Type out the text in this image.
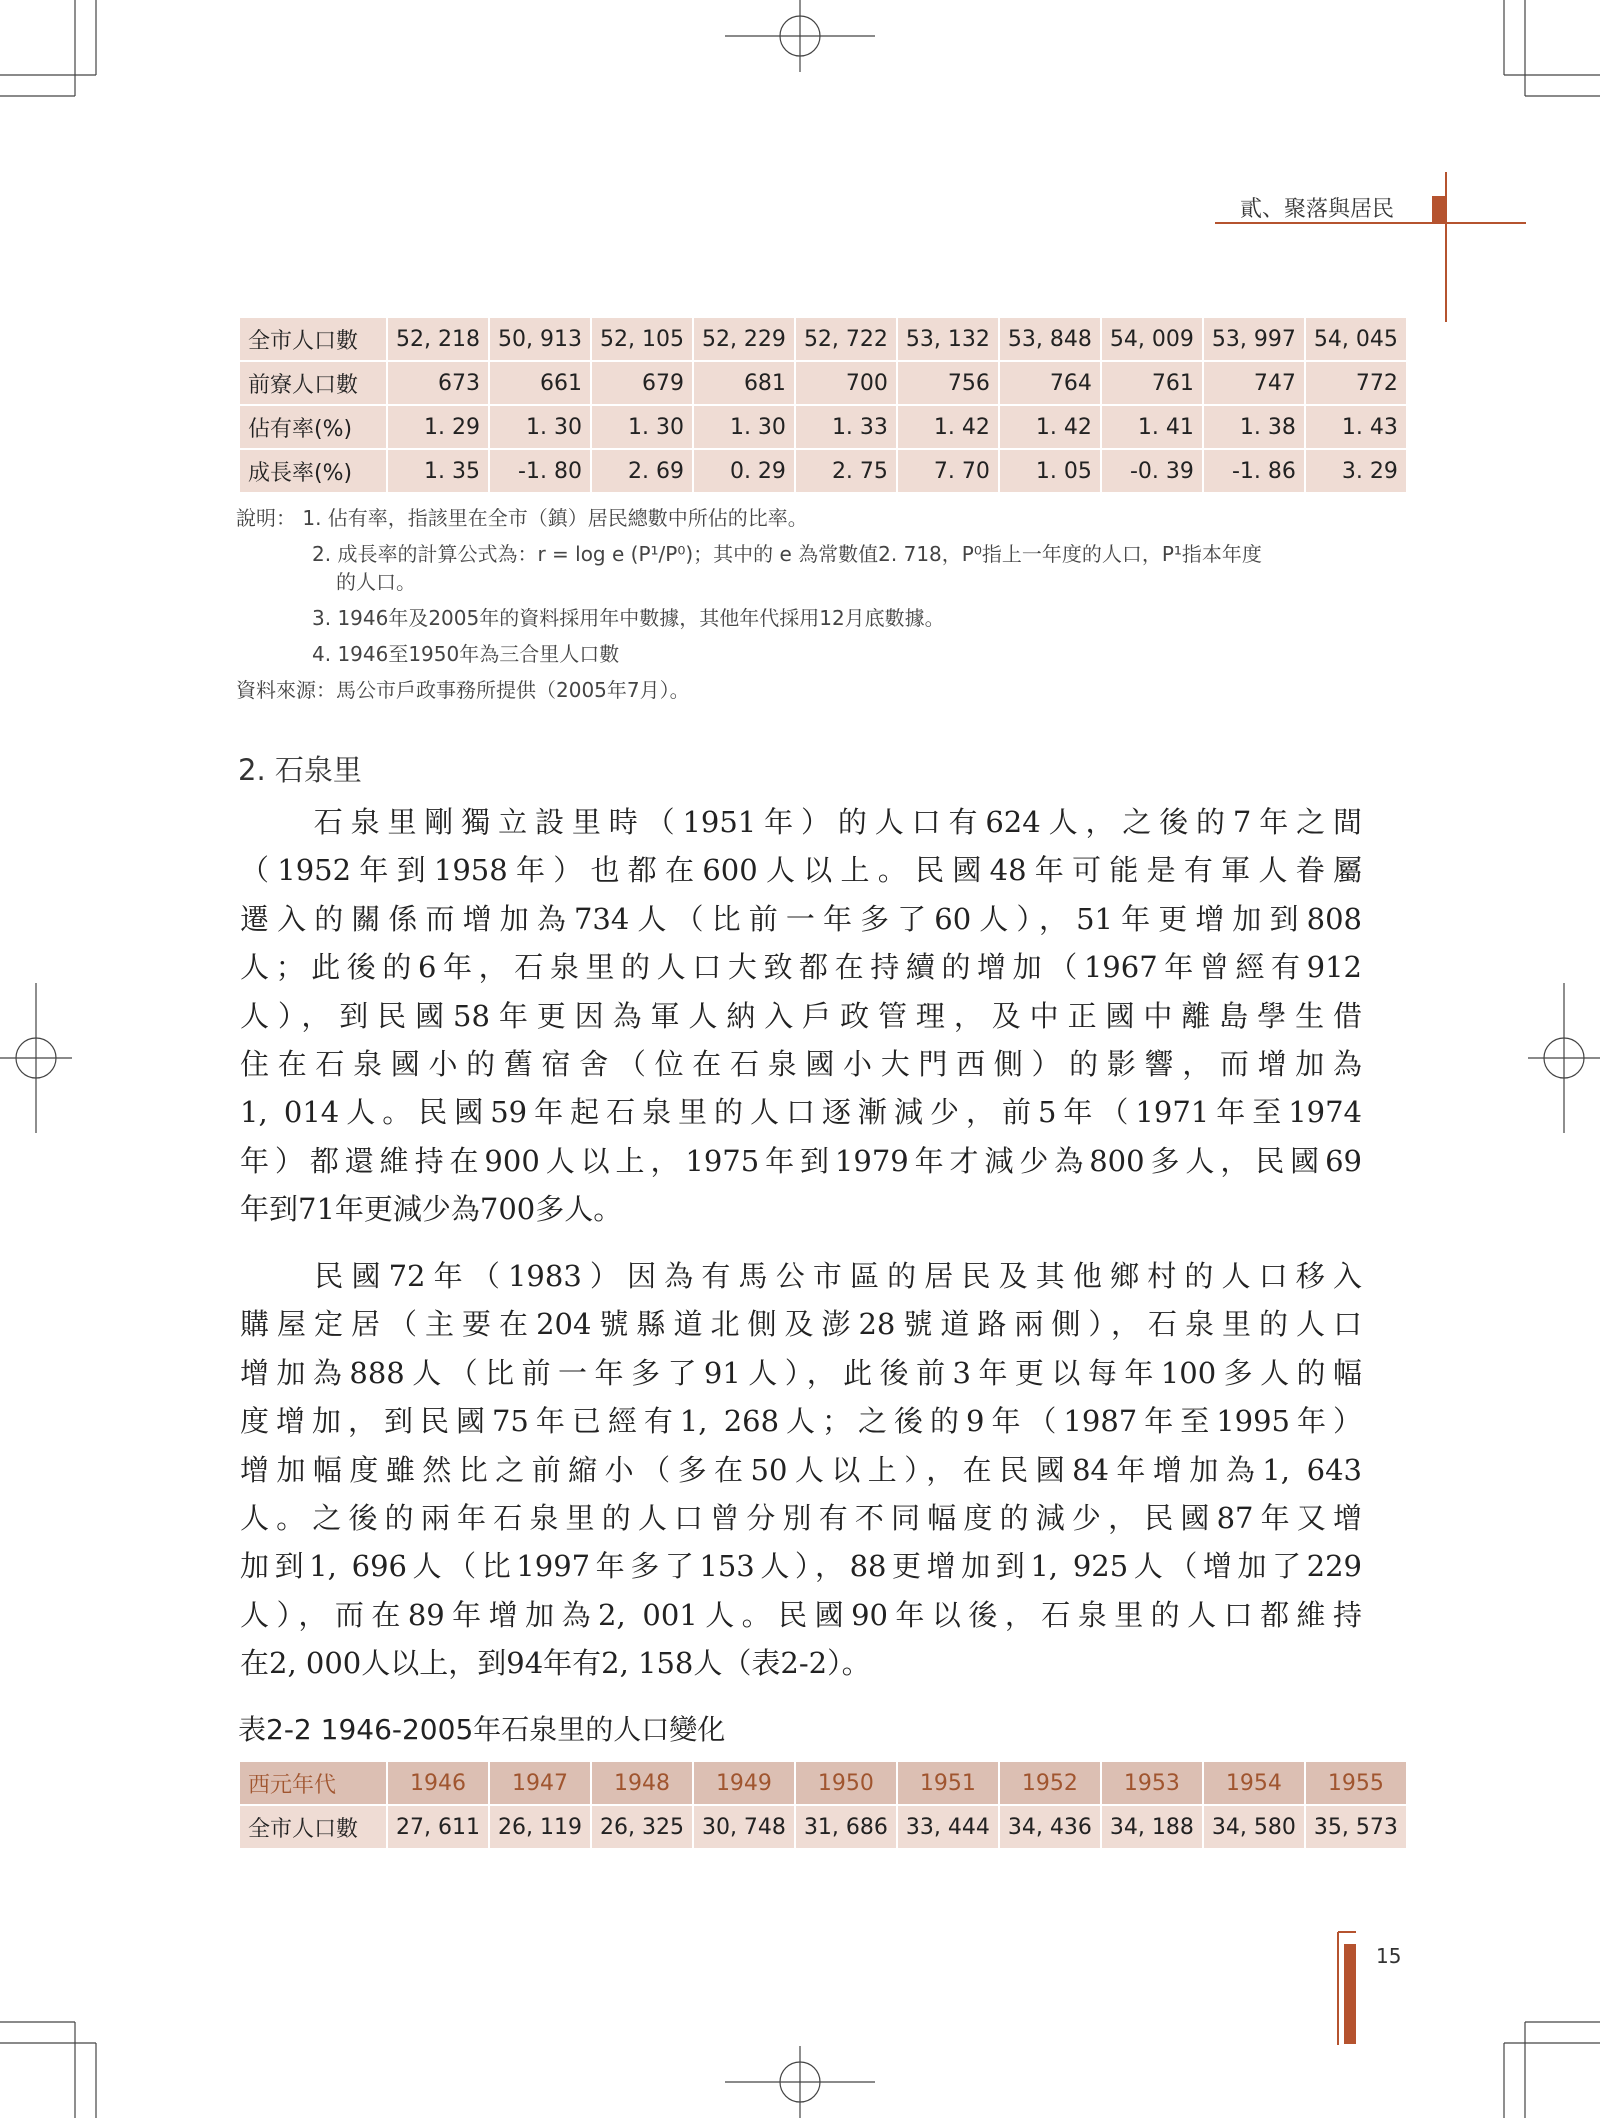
貳、聚落與居民
全市人口數	52, 218	50, 913	52, 105	52, 229	52, 722	53, 132	53, 848	54, 009	53, 997	54, 045
前寮人口數	673	661	679	681	700	756	764	761	747	772
佔有率(%)	1. 29	1. 30	1. 30	1. 30	1. 33	1. 42	1. 42	1. 41	1. 38	1. 43
成長率(%)	1. 35	-1. 80	2. 69	0. 29	2. 75	7. 70	1. 05	-0. 39	-1. 86	3. 29
說明： 1. 佔有率，指該里在全市（鎮）居民總數中所佔的比率。
2. 成長率的計算公式為：r = log e (P¹/P⁰)；其中的 e 為常數值2. 718，P⁰指上一年度的人口，P¹指本年度
的人口。
3. 1946年及2005年的資料採用年中數據，其他年代採用12月底數據。
4. 1946至1950年為三合里人口數
資料來源：馬公市戶政事務所提供（2005年7月）。
2. 石泉里
　　石泉里剛獨立設里時（1951年）的人口有624人，之後的7年之間
（1952年到1958年）也都在600人以上。民國48年可能是有軍人眷屬
遷入的關係而增加為734人（比前一年多了60人），51年更增加到808
人；此後的6年，石泉里的人口大致都在持續的增加（1967年曾經有912
人），到民國58年更因為軍人納入戶政管理，及中正國中離島學生借
住在石泉國小的舊宿舍（位在石泉國小大門西側）的影響，而增加為
1, 014人。民國59年起石泉里的人口逐漸減少，前5年（1971年至1974
年）都還維持在900人以上，1975年到1979年才減少為800多人，民國69
年到71年更減少為700多人。
　　民國72年（1983）因為有馬公市區的居民及其他鄉村的人口移入
購屋定居（主要在204號縣道北側及澎28號道路兩側），石泉里的人口
增加為888人（比前一年多了91人），此後前3年更以每年100多人的幅
度增加，到民國75年已經有1, 268人；之後的9年（1987年至1995年）
增加幅度雖然比之前縮小（多在50人以上），在民國84年增加為1, 643
人。之後的兩年石泉里的人口曾分別有不同幅度的減少，民國87年又增
加到1, 696人（比1997年多了153人），88更增加到1, 925人（增加了229
人），而在89年增加為2, 001人。民國90年以後，石泉里的人口都維持
在2, 000人以上，到94年有2, 158人（表2-2）。
表2-2 1946-2005年石泉里的人口變化
西元年代	1946	1947	1948	1949	1950	1951	1952	1953	1954	1955
全市人口數	27, 611	26, 119	26, 325	30, 748	31, 686	33, 444	34, 436	34, 188	34, 580	35, 573
15
